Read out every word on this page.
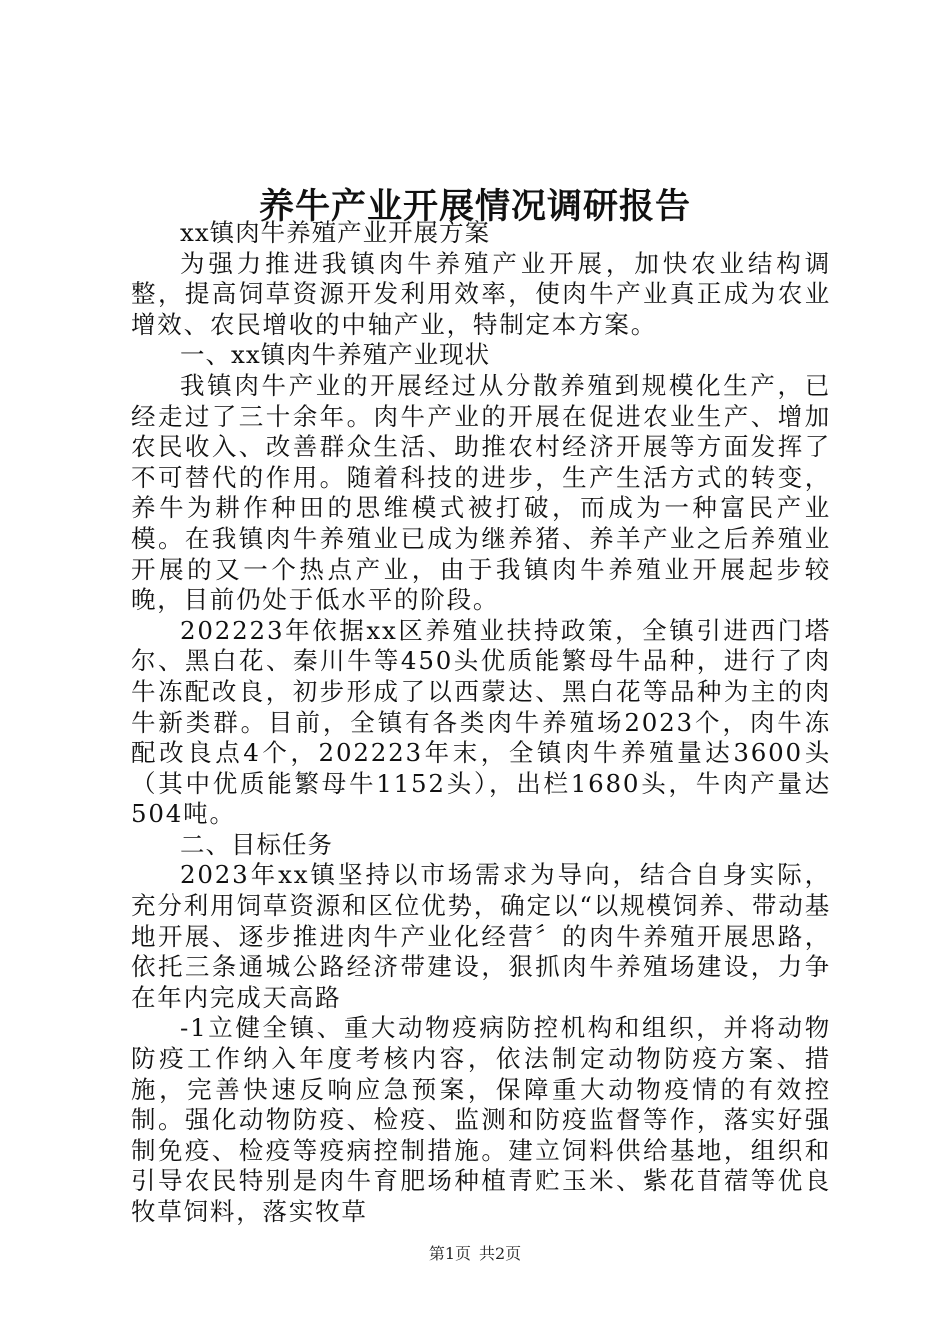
养牛产业开展情况调研报告

xx镇肉牛养殖产业开展方案

为强力推进我镇肉牛养殖产业开展，加快农业结构调整，提高饲草资源开发利用效率，使肉牛产业真正成为农业增效、农民增收的中轴产业，特制定本方案。

一、xx镇肉牛养殖产业现状

我镇肉牛产业的开展经过从分散养殖到规模化生产，已经走过了三十余年。肉牛产业的开展在促进农业生产、增加农民收入、改善群众生活、助推农村经济开展等方面发挥了不可替代的作用。随着科技的进步，生产生活方式的转变，养牛为耕作种田的思维模式被打破，而成为一种富民产业模。在我镇肉牛养殖业已成为继养猪、养羊产业之后养殖业开展的又一个热点产业，由于我镇肉牛养殖业开展起步较晚，目前仍处于低水平的阶段。

202223年依据xx区养殖业扶持政策，全镇引进西门塔尔、黑白花、秦川牛等450头优质能繁母牛品种，进行了肉牛冻配改良，初步形成了以西蒙达、黑白花等品种为主的肉牛新类群。目前，全镇有各类肉牛养殖场2023个，肉牛冻配改良点4个，202223年末，全镇肉牛养殖量达3600头（其中优质能繁母牛1152头），出栏1680头，牛肉产量达504吨。

二、目标任务

2023年xx镇坚持以市场需求为导向，结合自身实际，充分利用饲草资源和区位优势，确定以“以规模饲养、带动基地开展、逐步推进肉牛产业化经营〞的肉牛养殖开展思路，依托三条通城公路经济带建设，狠抓肉牛养殖场建设，力争在年内完成天高路

-1立健全镇、重大动物疫病防控机构和组织，并将动物防疫工作纳入年度考核内容，依法制定动物防疫方案、措施，完善快速反响应急预案，保障重大动物疫情的有效控制。强化动物防疫、检疫、监测和防疫监督等作，落实好强制免疫、检疫等疫病控制措施。建立饲料供给基地，组织和引导农民特别是肉牛育肥场种植青贮玉米、紫花苜蓿等优良牧草饲料，落实牧草

第1页 共2页
